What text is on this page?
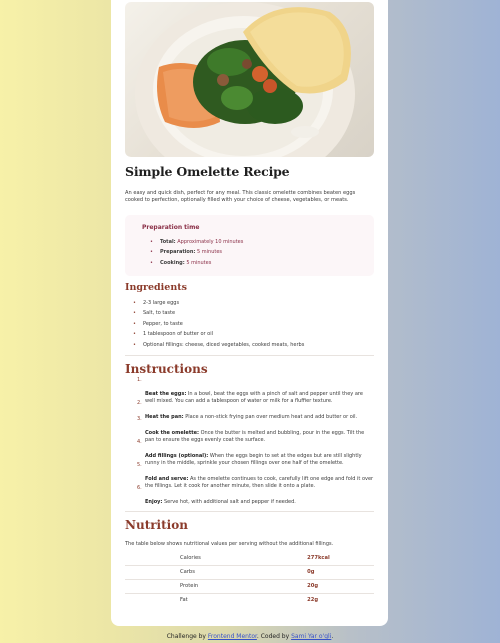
Simple Omelette Recipe

An easy and quick dish, perfect for any meal. This classic omelette combines beaten eggs cooked to perfection, optionally filled with your choice of cheese, vegetables, or meats.

Preparation time
• Total: Approximately 10 minutes
• Preparation: 5 minutes
• Cooking: 5 minutes
Ingredients
• 2-3 large eggs
• Salt, to taste
• Pepper, to taste
• 1 tablespoon of butter or oil
• Optional fillings: cheese, diced vegetables, cooked meats, herbs
Instructions
1.
Beat the eggs: In a bowl, beat the eggs with a pinch of salt and pepper until they are well mixed. You can add a tablespoon of water or milk for a fluffier texture.
2.
Heat the pan: Place a non-stick frying pan over medium heat and add butter or oil.
3.
Cook the omelette: Once the butter is melted and bubbling, pour in the eggs. Tilt the pan to ensure the eggs evenly coat the surface.
4.
Add fillings (optional): When the eggs begin to set at the edges but are still slightly runny in the middle, sprinkle your chosen fillings over one half of the omelette.
5.
Fold and serve: As the omelette continues to cook, carefully lift one edge and fold it over the fillings. Let it cook for another minute, then slide it onto a plate.
6.
Enjoy: Serve hot, with additional salt and pepper if needed.
Nutrition

The table below shows nutritional values per serving without the additional fillings.

Calories	277kcal
Carbs	0g
Protein	20g
Fat	22g
Challenge by Frontend Mentor. Coded by Sami Yar o'gli.
